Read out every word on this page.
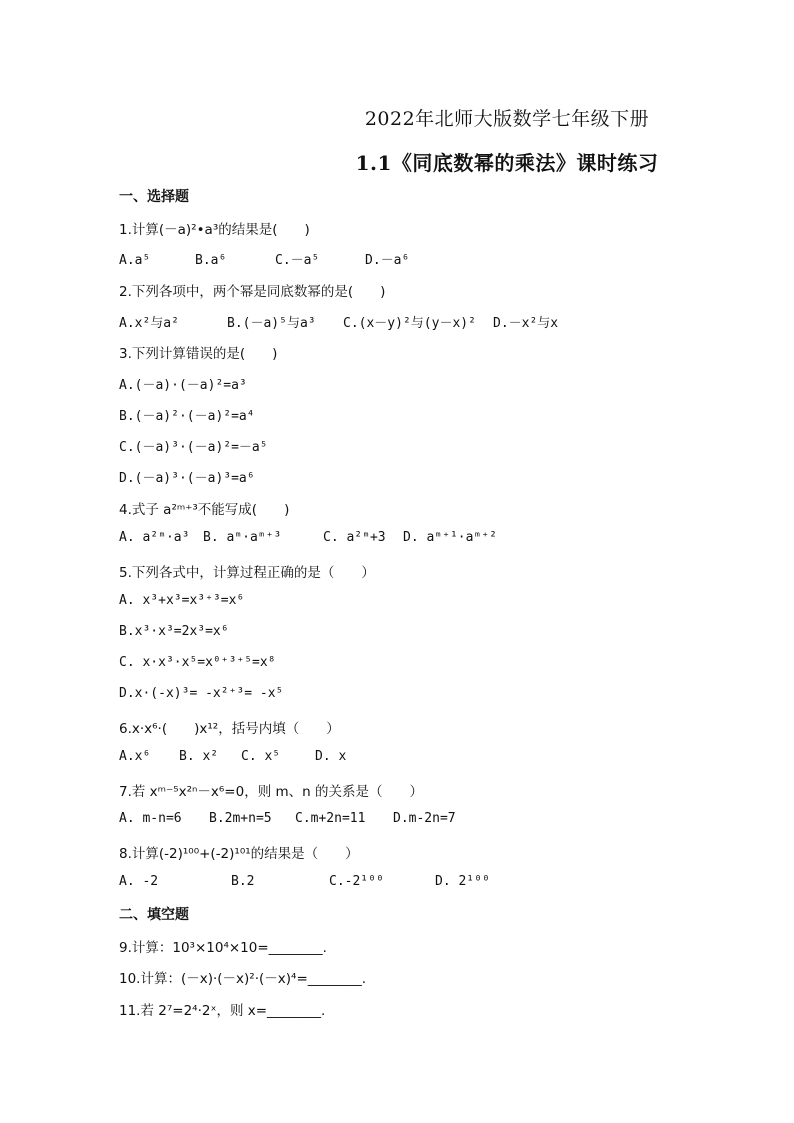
2022年北师大版数学七年级下册
1.1《同底数幂的乘法》课时练习
一、选择题
1.计算(－a)²•a³的结果是(　　)
A.a⁵	B.a⁶	C.－a⁵	D.－a⁶
2.下列各项中，两个幂是同底数幂的是(　　)
A.x²与a²	B.(－a)⁵与a³ C.(x－y)²与(y－x)² D.－x²与x
3.下列计算错误的是(　　)
A.(－a)·(－a)²=a³
B.(－a)²·(－a)²=a⁴
C.(－a)³·(－a)²=－a⁵
D.(－a)³·(－a)³=a⁶
4.式子 a²ᵐ⁺³不能写成(　　)
A. a²ᵐ·a³ B. aᵐ·aᵐ⁺³	C. a²ᵐ+3 D. aᵐ⁺¹·aᵐ⁺²
5.下列各式中，计算过程正确的是（　　）
A. x³+x³=x³⁺³=x⁶
B.x³·x³=2x³=x⁶
C. x·x³·x⁵=x⁰⁺³⁺⁵=x⁸
D.x·(-x)³= -x²⁺³= -x⁵
6.x·x⁶·(　　)x¹²，括号内填（　　）
A.x⁶ B. x² C. x⁵	D. x
7.若 xᵐ⁻⁵x²ⁿ－x⁶=0，则 m、n 的关系是（　　）
A. m-n=6 B.2m+n=5 C.m+2n=11 D.m-2n=7
8.计算(-2)¹⁰⁰+(-2)¹⁰¹的结果是（　　）
A. -2	B.2	C.-2¹⁰⁰	D. 2¹⁰⁰
二、填空题
9.计算：10³×10⁴×10=________.
10.计算：(－x)·(－x)²·(－x)⁴=________.
11.若 2⁷=2⁴·2ˣ，则 x=________.
